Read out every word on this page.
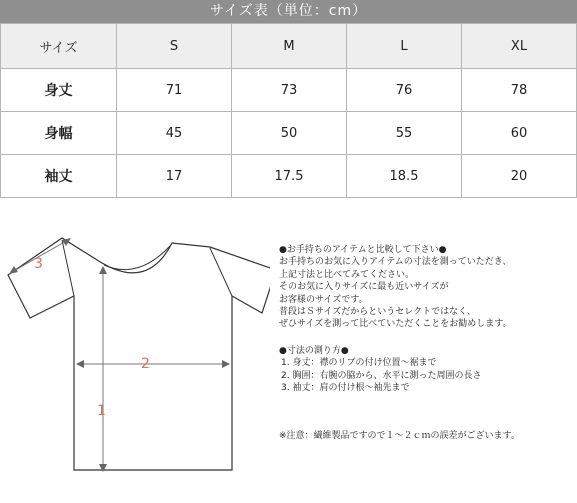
サイズ表（単位：cm）
サイズ	S	M	L	XL
身丈	71	73	76	78
身幅	45	50	55	60
袖丈	17	17.5	18.5	20
1
2
3

●お手持ちのアイテムと比較して下さい●

お手持ちのお気に入りアイテムの寸法を測っていただき、

上記寸法と比べてみてください。

そのお気に入りサイズに最も近いサイズが

お客様のサイズです。

普段はＳサイズだからというセレクトではなく、

ぜひサイズを測って比べていただくことをお勧めします。

●寸法の測り方●

1. 身丈：襟のリブの付け位置～裾まで

2. 胸囲：右腕の脇から、水平に測った周囲の長さ

3. 袖丈：肩の付け根～袖先まで

※注意：繊維製品ですので１～２ｃｍの誤差がございます。
